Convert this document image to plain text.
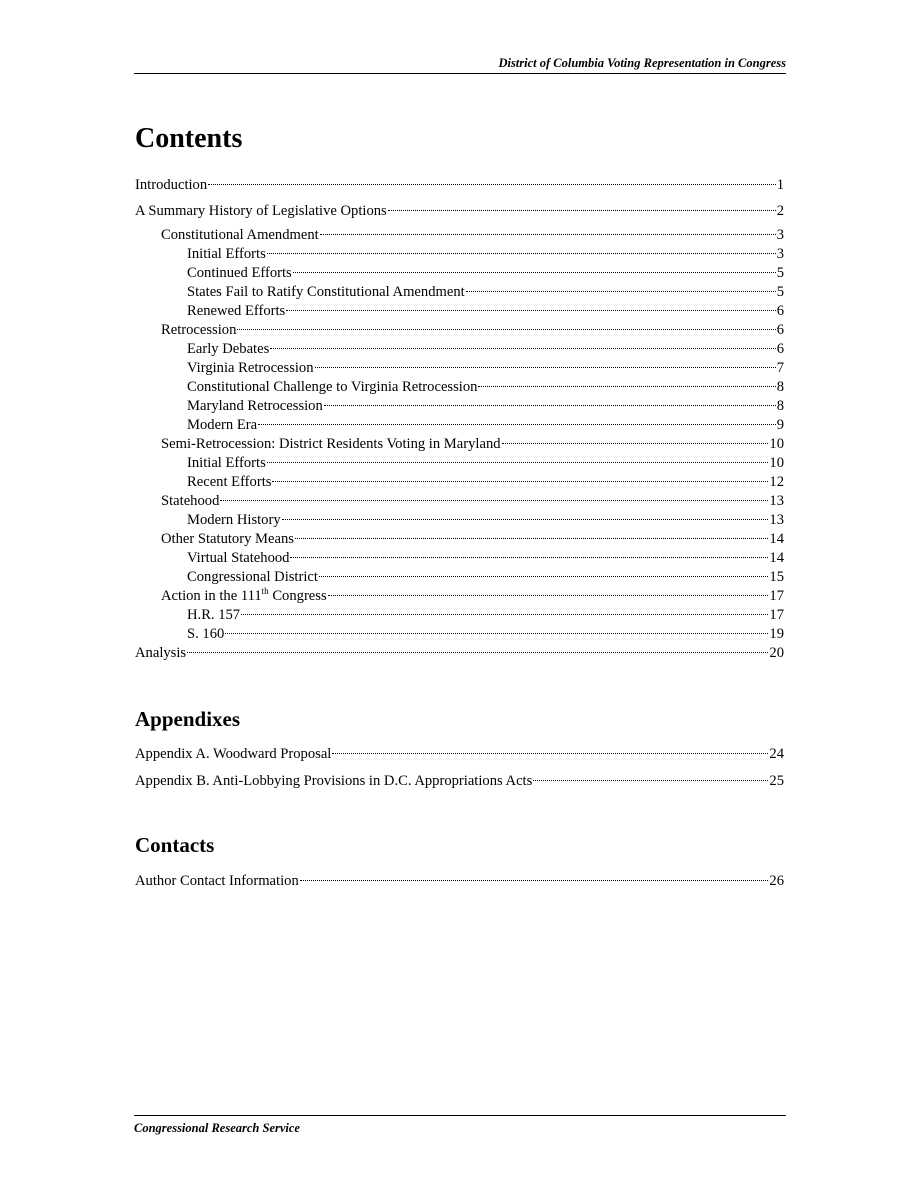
District of Columbia Voting Representation in Congress
Contents
Introduction	1
A Summary History of Legislative Options	2
Constitutional Amendment	3
Initial Efforts	3
Continued Efforts	5
States Fail to Ratify Constitutional Amendment	5
Renewed Efforts	6
Retrocession	6
Early Debates	6
Virginia Retrocession	7
Constitutional Challenge to Virginia Retrocession	8
Maryland Retrocession	8
Modern Era	9
Semi-Retrocession: District Residents Voting in Maryland	10
Initial Efforts	10
Recent Efforts	12
Statehood	13
Modern History	13
Other Statutory Means	14
Virtual Statehood	14
Congressional District	15
Action in the 111th Congress	17
H.R. 157	17
S. 160	19
Analysis	20
Appendixes
Appendix A. Woodward Proposal	24
Appendix B. Anti-Lobbying Provisions in D.C. Appropriations Acts	25
Contacts
Author Contact Information	26
Congressional Research Service
